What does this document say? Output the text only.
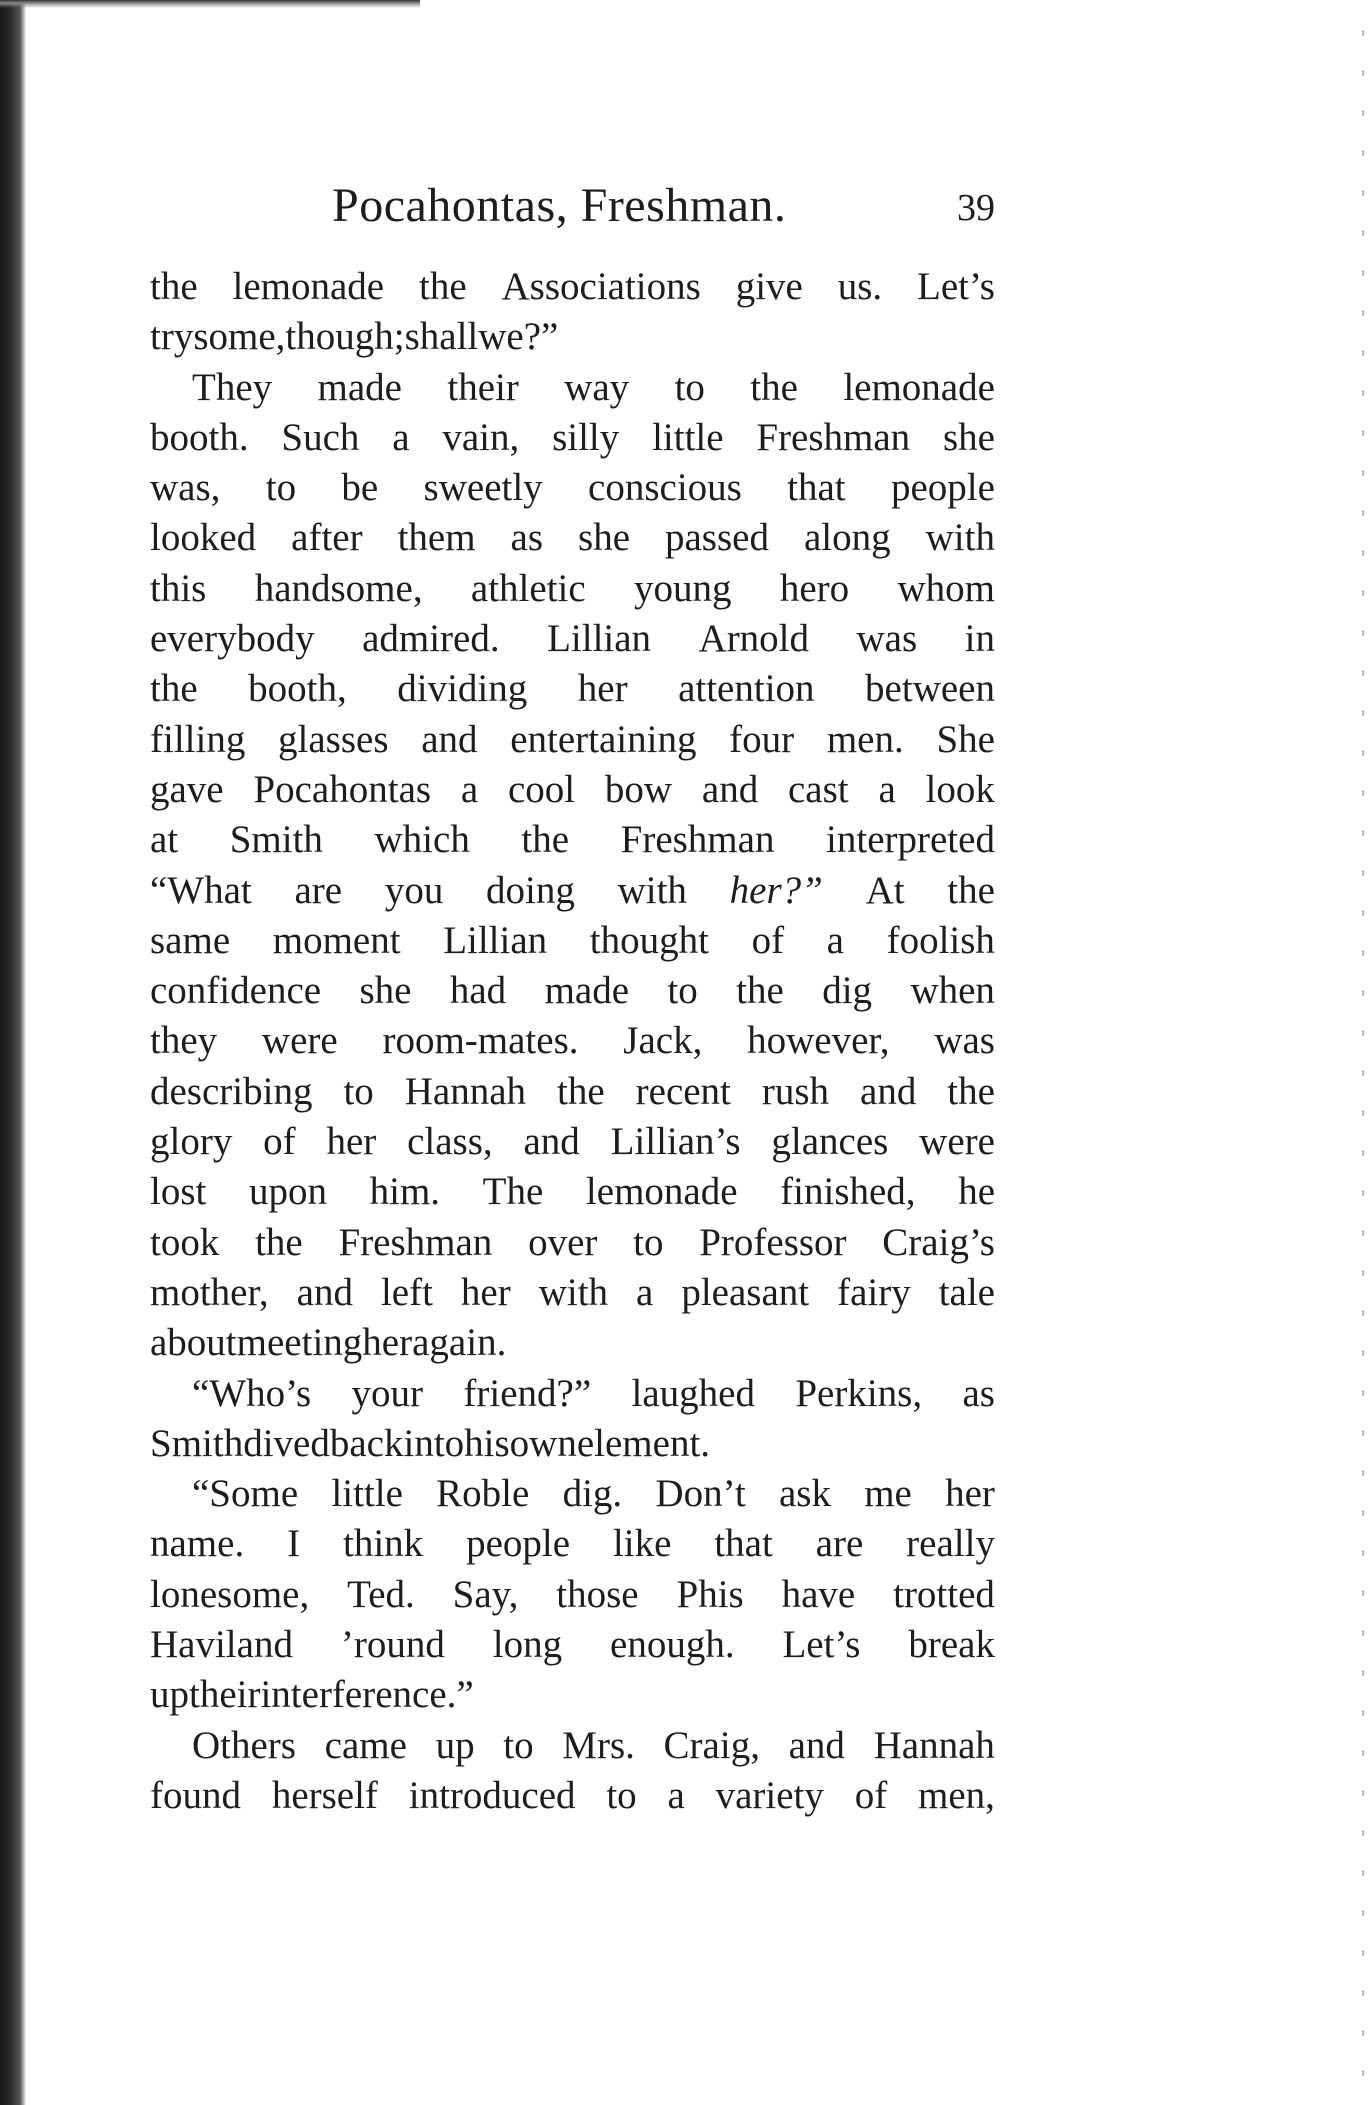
Pocahontas, Freshman.	39
the lemonade the Associations give us. Let’s
try some, though; shall we?”
They made their way to the lemonade
booth. Such a vain, silly little Freshman she
was, to be sweetly conscious that people
looked after them as she passed along with
this handsome, athletic young hero whom
everybody admired. Lillian Arnold was in
the booth, dividing her attention between
filling glasses and entertaining four men. She
gave Pocahontas a cool bow and cast a look
at Smith which the Freshman interpreted
“What are you doing with her?” At the
same moment Lillian thought of a foolish
confidence she had made to the dig when
they were room-mates. Jack, however, was
describing to Hannah the recent rush and the
glory of her class, and Lillian’s glances were
lost upon him. The lemonade finished, he
took the Freshman over to Professor Craig’s
mother, and left her with a pleasant fairy tale
about meeting her again.
“Who’s your friend?” laughed Perkins, as
Smith dived back into his own element.
“Some little Roble dig. Don’t ask me her
name. I think people like that are really
lonesome, Ted. Say, those Phis have trotted
Haviland ’round long enough. Let’s break
up their interference.”
Others came up to Mrs. Craig, and Hannah
found herself introduced to a variety of men,
